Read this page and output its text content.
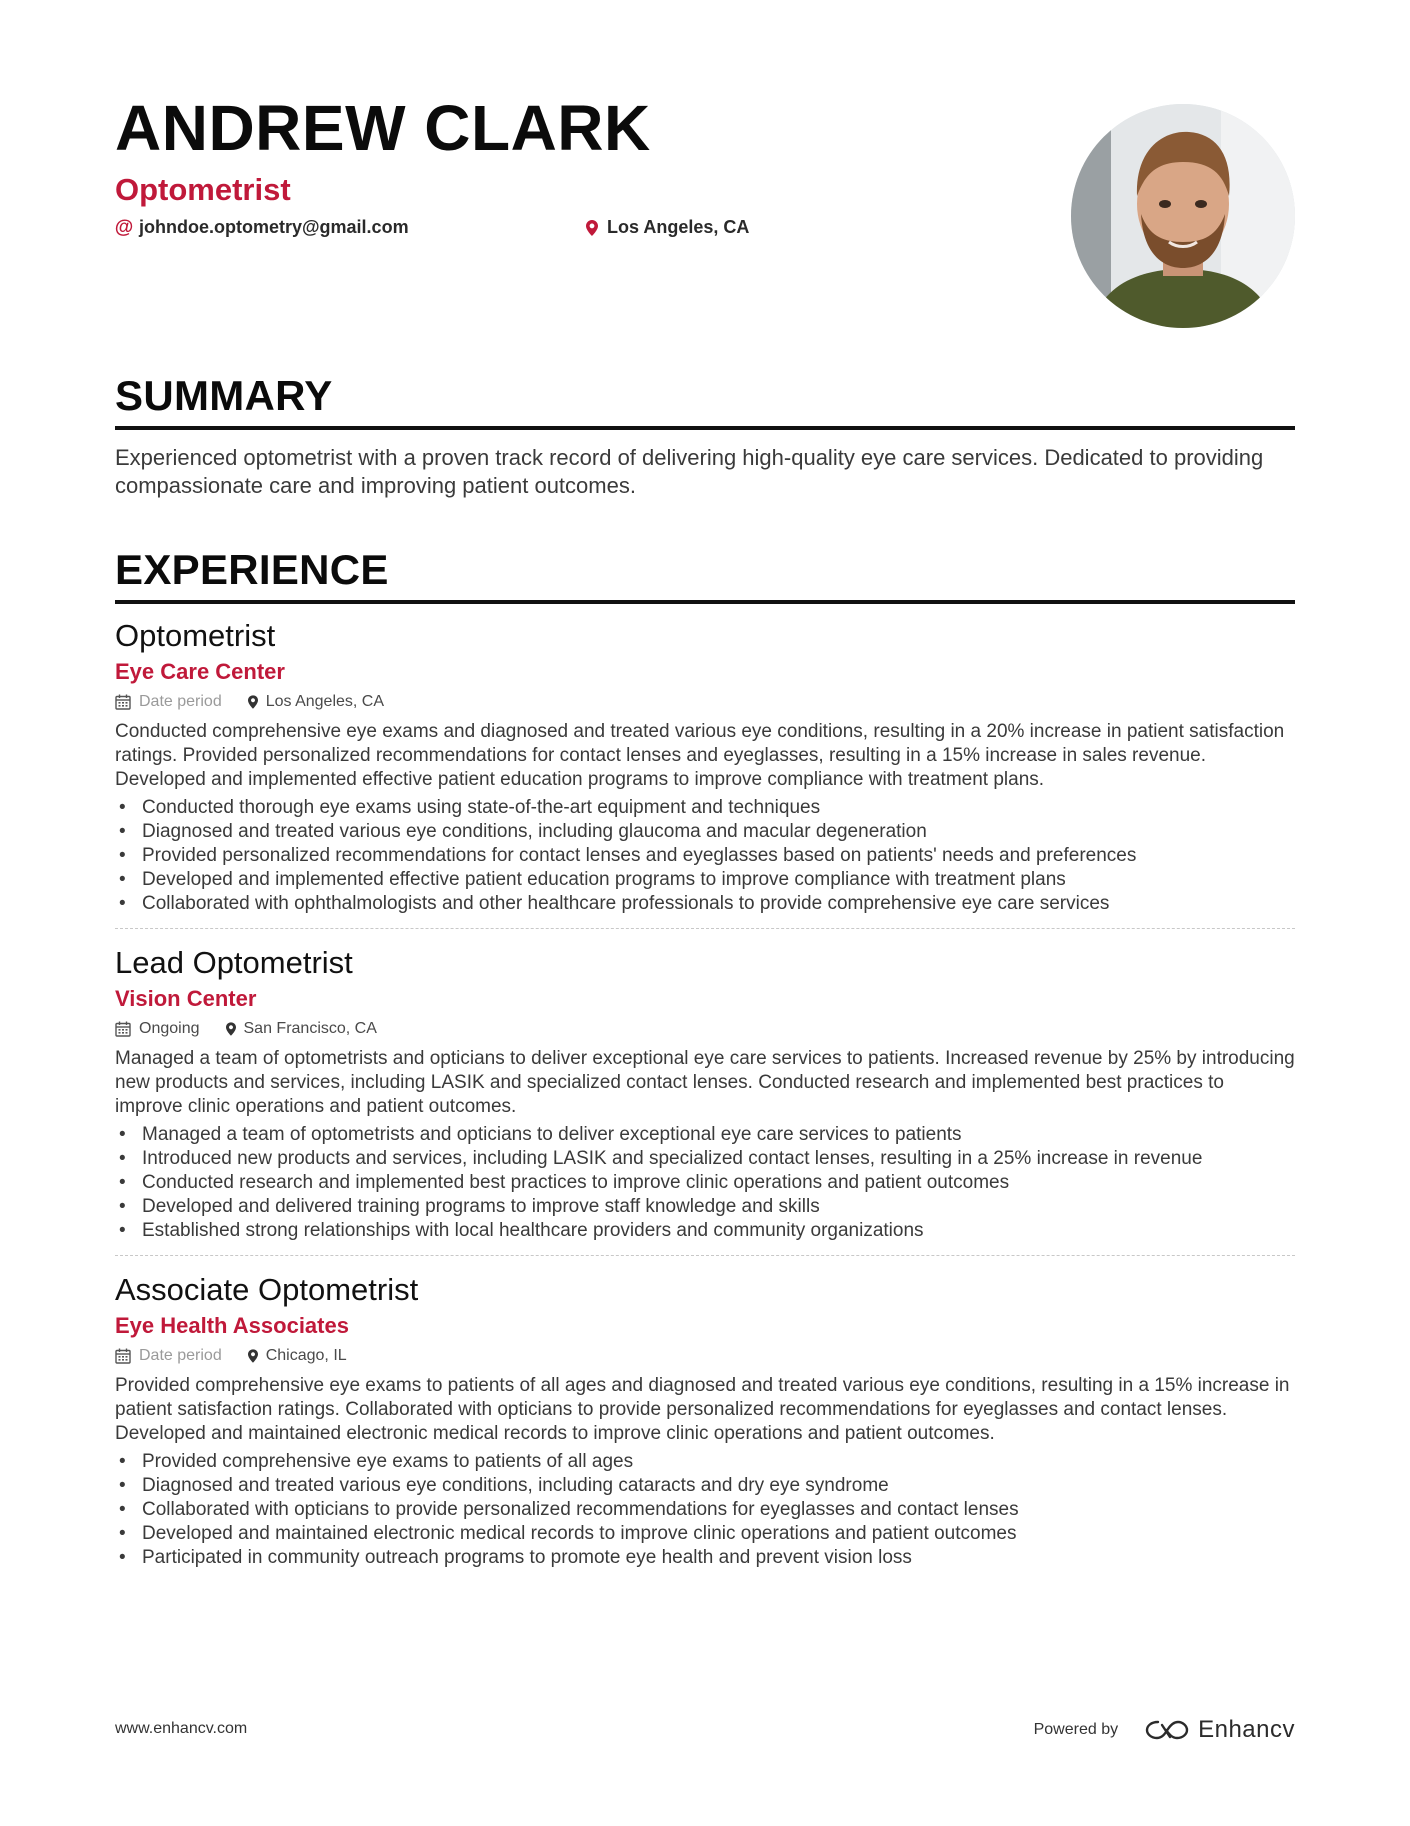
ANDREW CLARK
Optometrist
@ johndoe.optometry@gmail.com	Los Angeles, CA
SUMMARY
Experienced optometrist with a proven track record of delivering high-quality eye care services. Dedicated to providing compassionate care and improving patient outcomes.
EXPERIENCE
Optometrist
Eye Care Center
Date period	Los Angeles, CA
Conducted comprehensive eye exams and diagnosed and treated various eye conditions, resulting in a 20% increase in patient satisfaction ratings. Provided personalized recommendations for contact lenses and eyeglasses, resulting in a 15% increase in sales revenue. Developed and implemented effective patient education programs to improve compliance with treatment plans.
• Conducted thorough eye exams using state-of-the-art equipment and techniques
• Diagnosed and treated various eye conditions, including glaucoma and macular degeneration
• Provided personalized recommendations for contact lenses and eyeglasses based on patients' needs and preferences
• Developed and implemented effective patient education programs to improve compliance with treatment plans
• Collaborated with ophthalmologists and other healthcare professionals to provide comprehensive eye care services
Lead Optometrist
Vision Center
Ongoing	San Francisco, CA
Managed a team of optometrists and opticians to deliver exceptional eye care services to patients. Increased revenue by 25% by introducing new products and services, including LASIK and specialized contact lenses. Conducted research and implemented best practices to improve clinic operations and patient outcomes.
• Managed a team of optometrists and opticians to deliver exceptional eye care services to patients
• Introduced new products and services, including LASIK and specialized contact lenses, resulting in a 25% increase in revenue
• Conducted research and implemented best practices to improve clinic operations and patient outcomes
• Developed and delivered training programs to improve staff knowledge and skills
• Established strong relationships with local healthcare providers and community organizations
Associate Optometrist
Eye Health Associates
Date period	Chicago, IL
Provided comprehensive eye exams to patients of all ages and diagnosed and treated various eye conditions, resulting in a 15% increase in patient satisfaction ratings. Collaborated with opticians to provide personalized recommendations for eyeglasses and contact lenses. Developed and maintained electronic medical records to improve clinic operations and patient outcomes.
• Provided comprehensive eye exams to patients of all ages
• Diagnosed and treated various eye conditions, including cataracts and dry eye syndrome
• Collaborated with opticians to provide personalized recommendations for eyeglasses and contact lenses
• Developed and maintained electronic medical records to improve clinic operations and patient outcomes
• Participated in community outreach programs to promote eye health and prevent vision loss
www.enhancv.com	Powered by	Enhancv
